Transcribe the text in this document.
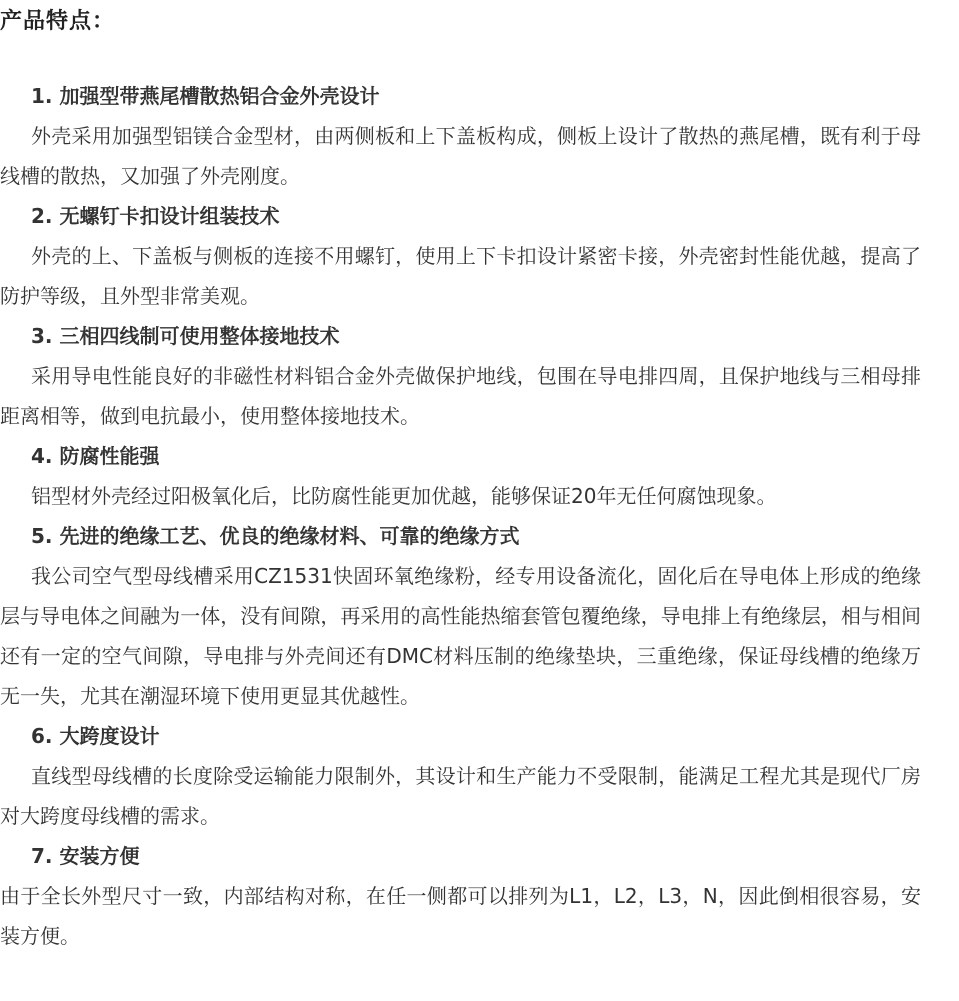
产品特点：

1. 加强型带燕尾槽散热铝合金外壳设计

外壳采用加强型铝镁合金型材，由两侧板和上下盖板构成，侧板上设计了散热的燕尾槽，既有利于母线槽的散热，又加强了外壳刚度。

2. 无螺钉卡扣设计组装技术

外壳的上、下盖板与侧板的连接不用螺钉，使用上下卡扣设计紧密卡接，外壳密封性能优越，提高了防护等级，且外型非常美观。

3. 三相四线制可使用整体接地技术

采用导电性能良好的非磁性材料铝合金外壳做保护地线，包围在导电排四周，且保护地线与三相母排距离相等，做到电抗最小，使用整体接地技术。

4. 防腐性能强

铝型材外壳经过阳极氧化后，比防腐性能更加优越，能够保证20年无任何腐蚀现象。

5. 先进的绝缘工艺、优良的绝缘材料、可靠的绝缘方式

我公司空气型母线槽采用CZ1531快固环氧绝缘粉，经专用设备流化，固化后在导电体上形成的绝缘层与导电体之间融为一体，没有间隙，再采用的高性能热缩套管包覆绝缘，导电排上有绝缘层，相与相间还有一定的空气间隙，导电排与外壳间还有DMC材料压制的绝缘垫块，三重绝缘，保证母线槽的绝缘万无一失，尤其在潮湿环境下使用更显其优越性。

6. 大跨度设计

直线型母线槽的长度除受运输能力限制外，其设计和生产能力不受限制，能满足工程尤其是现代厂房对大跨度母线槽的需求。

7. 安装方便

由于全长外型尺寸一致，内部结构对称，在任一侧都可以排列为L1，L2，L3，N，因此倒相很容易，安装方便。
